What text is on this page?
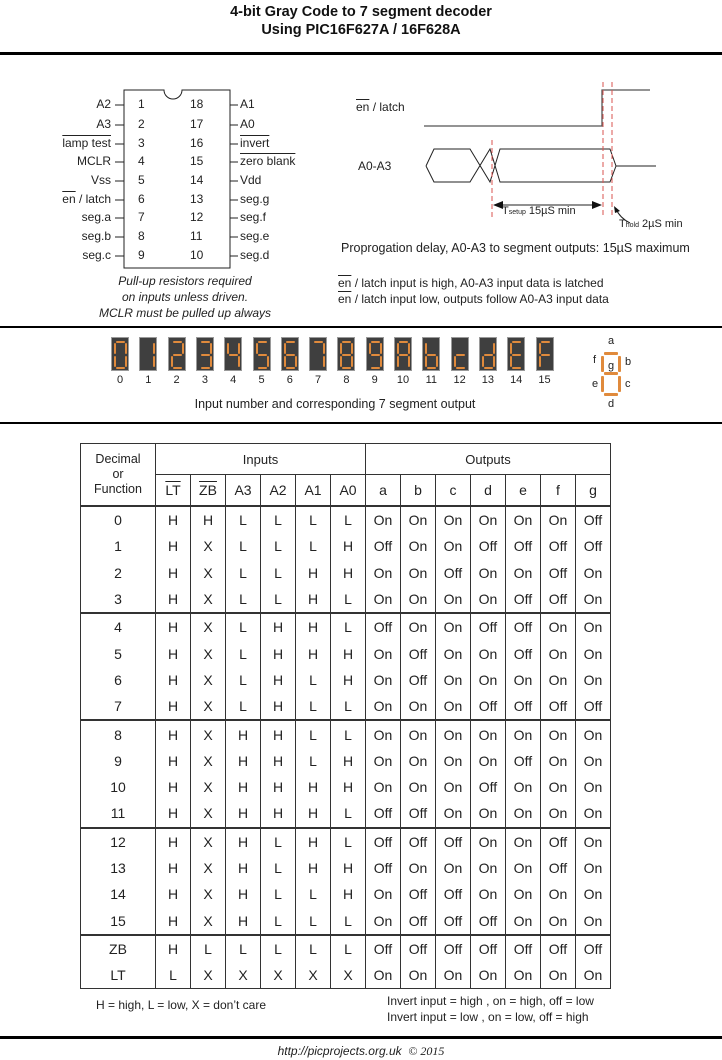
4-bit Gray Code to 7 segment decoder
Using PIC16F627A / 16F628A
A2
A3
lamp test
MCLR
Vss
$\overline{en}$ / latch
seg.a
seg.b
seg.c
1
2
3
4
5
6
7
8
9
18
17
16
15
14
13
12
11
10
A1
A0
invert
zero blank
Vdd
seg.g
seg.f
seg.e
seg.d
Pull-up resistors required
on inputs unless driven.
MCLR must be pulled up always
$\overline{en}$ / latch
A0-A3
Tsetup 15µS min
Thold 2µS min
Proprogation delay, A0-A3 to segment outputs: 15µS maximum
$\overline{en}$ / latch input is high, A0-A3 input data is latched
$\overline{en}$ / latch input low, outputs follow A0-A3 input data
0	1	2	3	4	5	6	7	8	9	10	11	12	13	14	15
Input number and corresponding 7 segment output
a
b
c
d
e
f g
Decimal
or
Function	Inputs						Outputs						
	$\overline{LT}$	$\overline{ZB}$	A3	A2	A1	A0	a	b	c	d	e	f	g
0	H	H	L	L	L	L	On	On	On	On	On	On	Off
1	H	X	L	L	L	H	Off	On	On	Off	Off	Off	Off
2	H	X	L	L	H	H	On	On	Off	On	On	Off	On
3	H	X	L	L	H	L	On	On	On	On	Off	Off	On
4	H	X	L	H	H	L	Off	On	On	Off	Off	On	On
5	H	X	L	H	H	H	On	Off	On	On	Off	On	On
6	H	X	L	H	L	H	On	Off	On	On	On	On	On
7	H	X	L	H	L	L	On	On	On	Off	Off	Off	Off
8	H	X	H	H	L	L	On	On	On	On	On	On	On
9	H	X	H	H	L	H	On	On	On	On	Off	On	On
10	H	X	H	H	H	H	On	On	On	Off	On	On	On
11	H	X	H	H	H	L	Off	Off	On	On	On	On	On
12	H	X	H	L	H	L	Off	Off	Off	On	On	Off	On
13	H	X	H	L	H	H	Off	On	On	On	On	Off	On
14	H	X	H	L	L	H	On	Off	Off	On	On	On	On
15	H	X	H	L	L	L	On	Off	Off	Off	On	On	On
ZB	H	L	L	L	L	L	Off	Off	Off	Off	Off	Off	Off
LT	L	X	X	X	X	X	On	On	On	On	On	On	On
H = high, L = low, X = don’t care	Invert input = high , on = high, off = low
Invert input = low , on = low, off = high
http://picprojects.org.uk © 2015
